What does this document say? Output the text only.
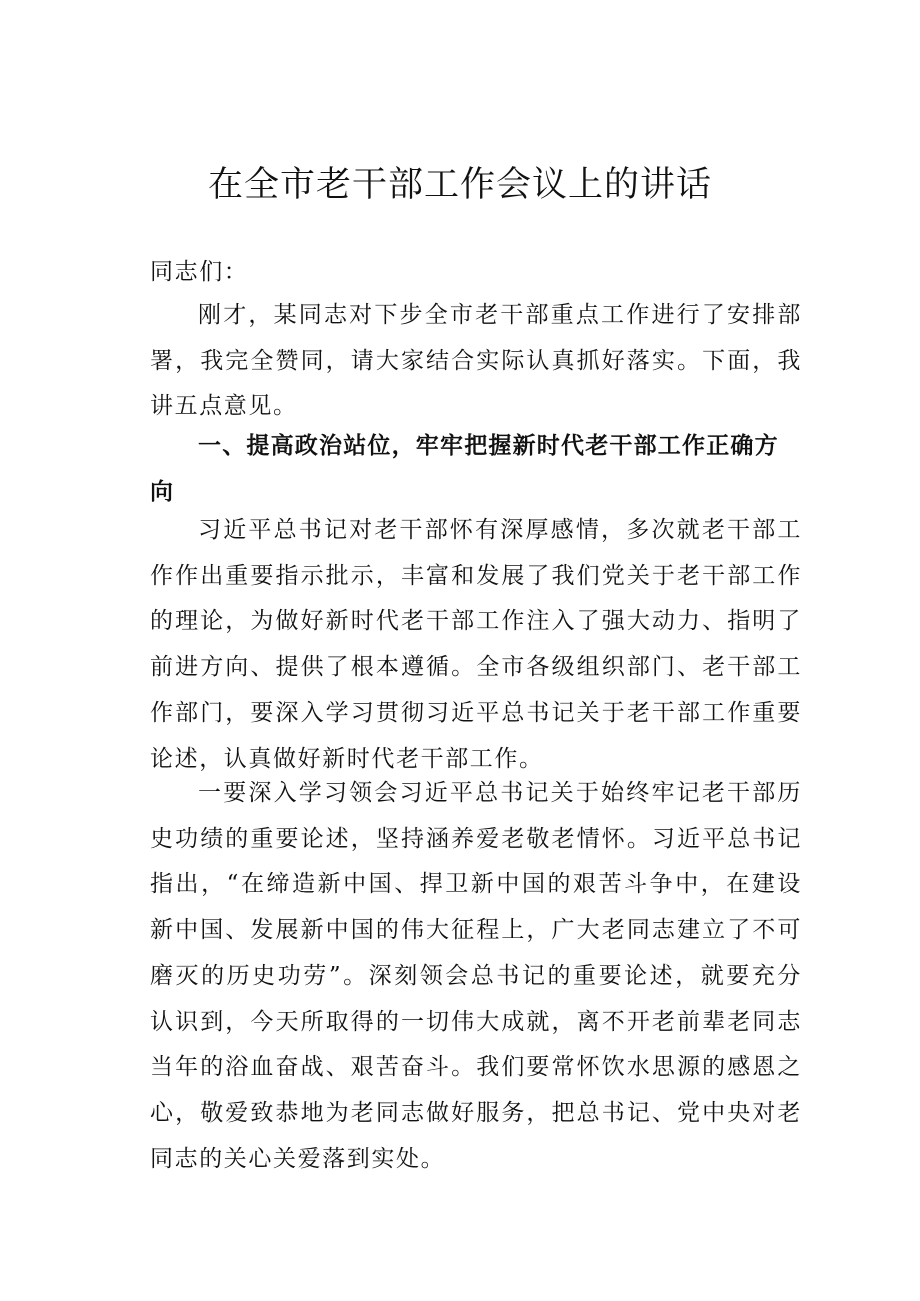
在全市老干部工作会议上的讲话
同志们：

刚才，某同志对下步全市老干部重点工作进行了安排部署，我完全赞同，请大家结合实际认真抓好落实。下面，我讲五点意见。

一、提高政治站位，牢牢把握新时代老干部工作正确方向

习近平总书记对老干部怀有深厚感情，多次就老干部工作作出重要指示批示，丰富和发展了我们党关于老干部工作的理论，为做好新时代老干部工作注入了强大动力、指明了前进方向、提供了根本遵循。全市各级组织部门、老干部工作部门，要深入学习贯彻习近平总书记关于老干部工作重要论述，认真做好新时代老干部工作。

一要深入学习领会习近平总书记关于始终牢记老干部历史功绩的重要论述，坚持涵养爱老敬老情怀。习近平总书记指出，“在缔造新中国、捍卫新中国的艰苦斗争中，在建设新中国、发展新中国的伟大征程上，广大老同志建立了不可磨灭的历史功劳”。深刻领会总书记的重要论述，就要充分认识到，今天所取得的一切伟大成就，离不开老前辈老同志当年的浴血奋战、艰苦奋斗。我们要常怀饮水思源的感恩之心，敬爱致恭地为老同志做好服务，把总书记、党中央对老同志的关心关爱落到实处。
